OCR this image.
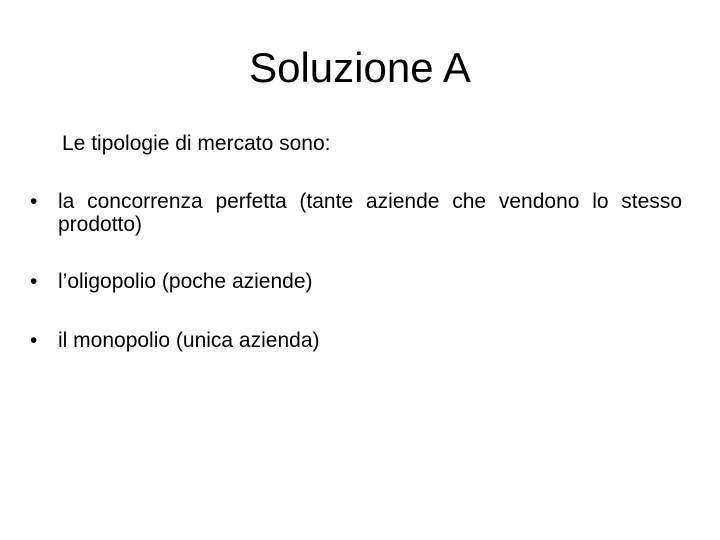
Soluzione A

Le tipologie di mercato sono:

• la concorrenza perfetta (tante aziende che vendono lo stesso prodotto)
• l’oligopolio (poche aziende)
• il monopolio (unica azienda)
